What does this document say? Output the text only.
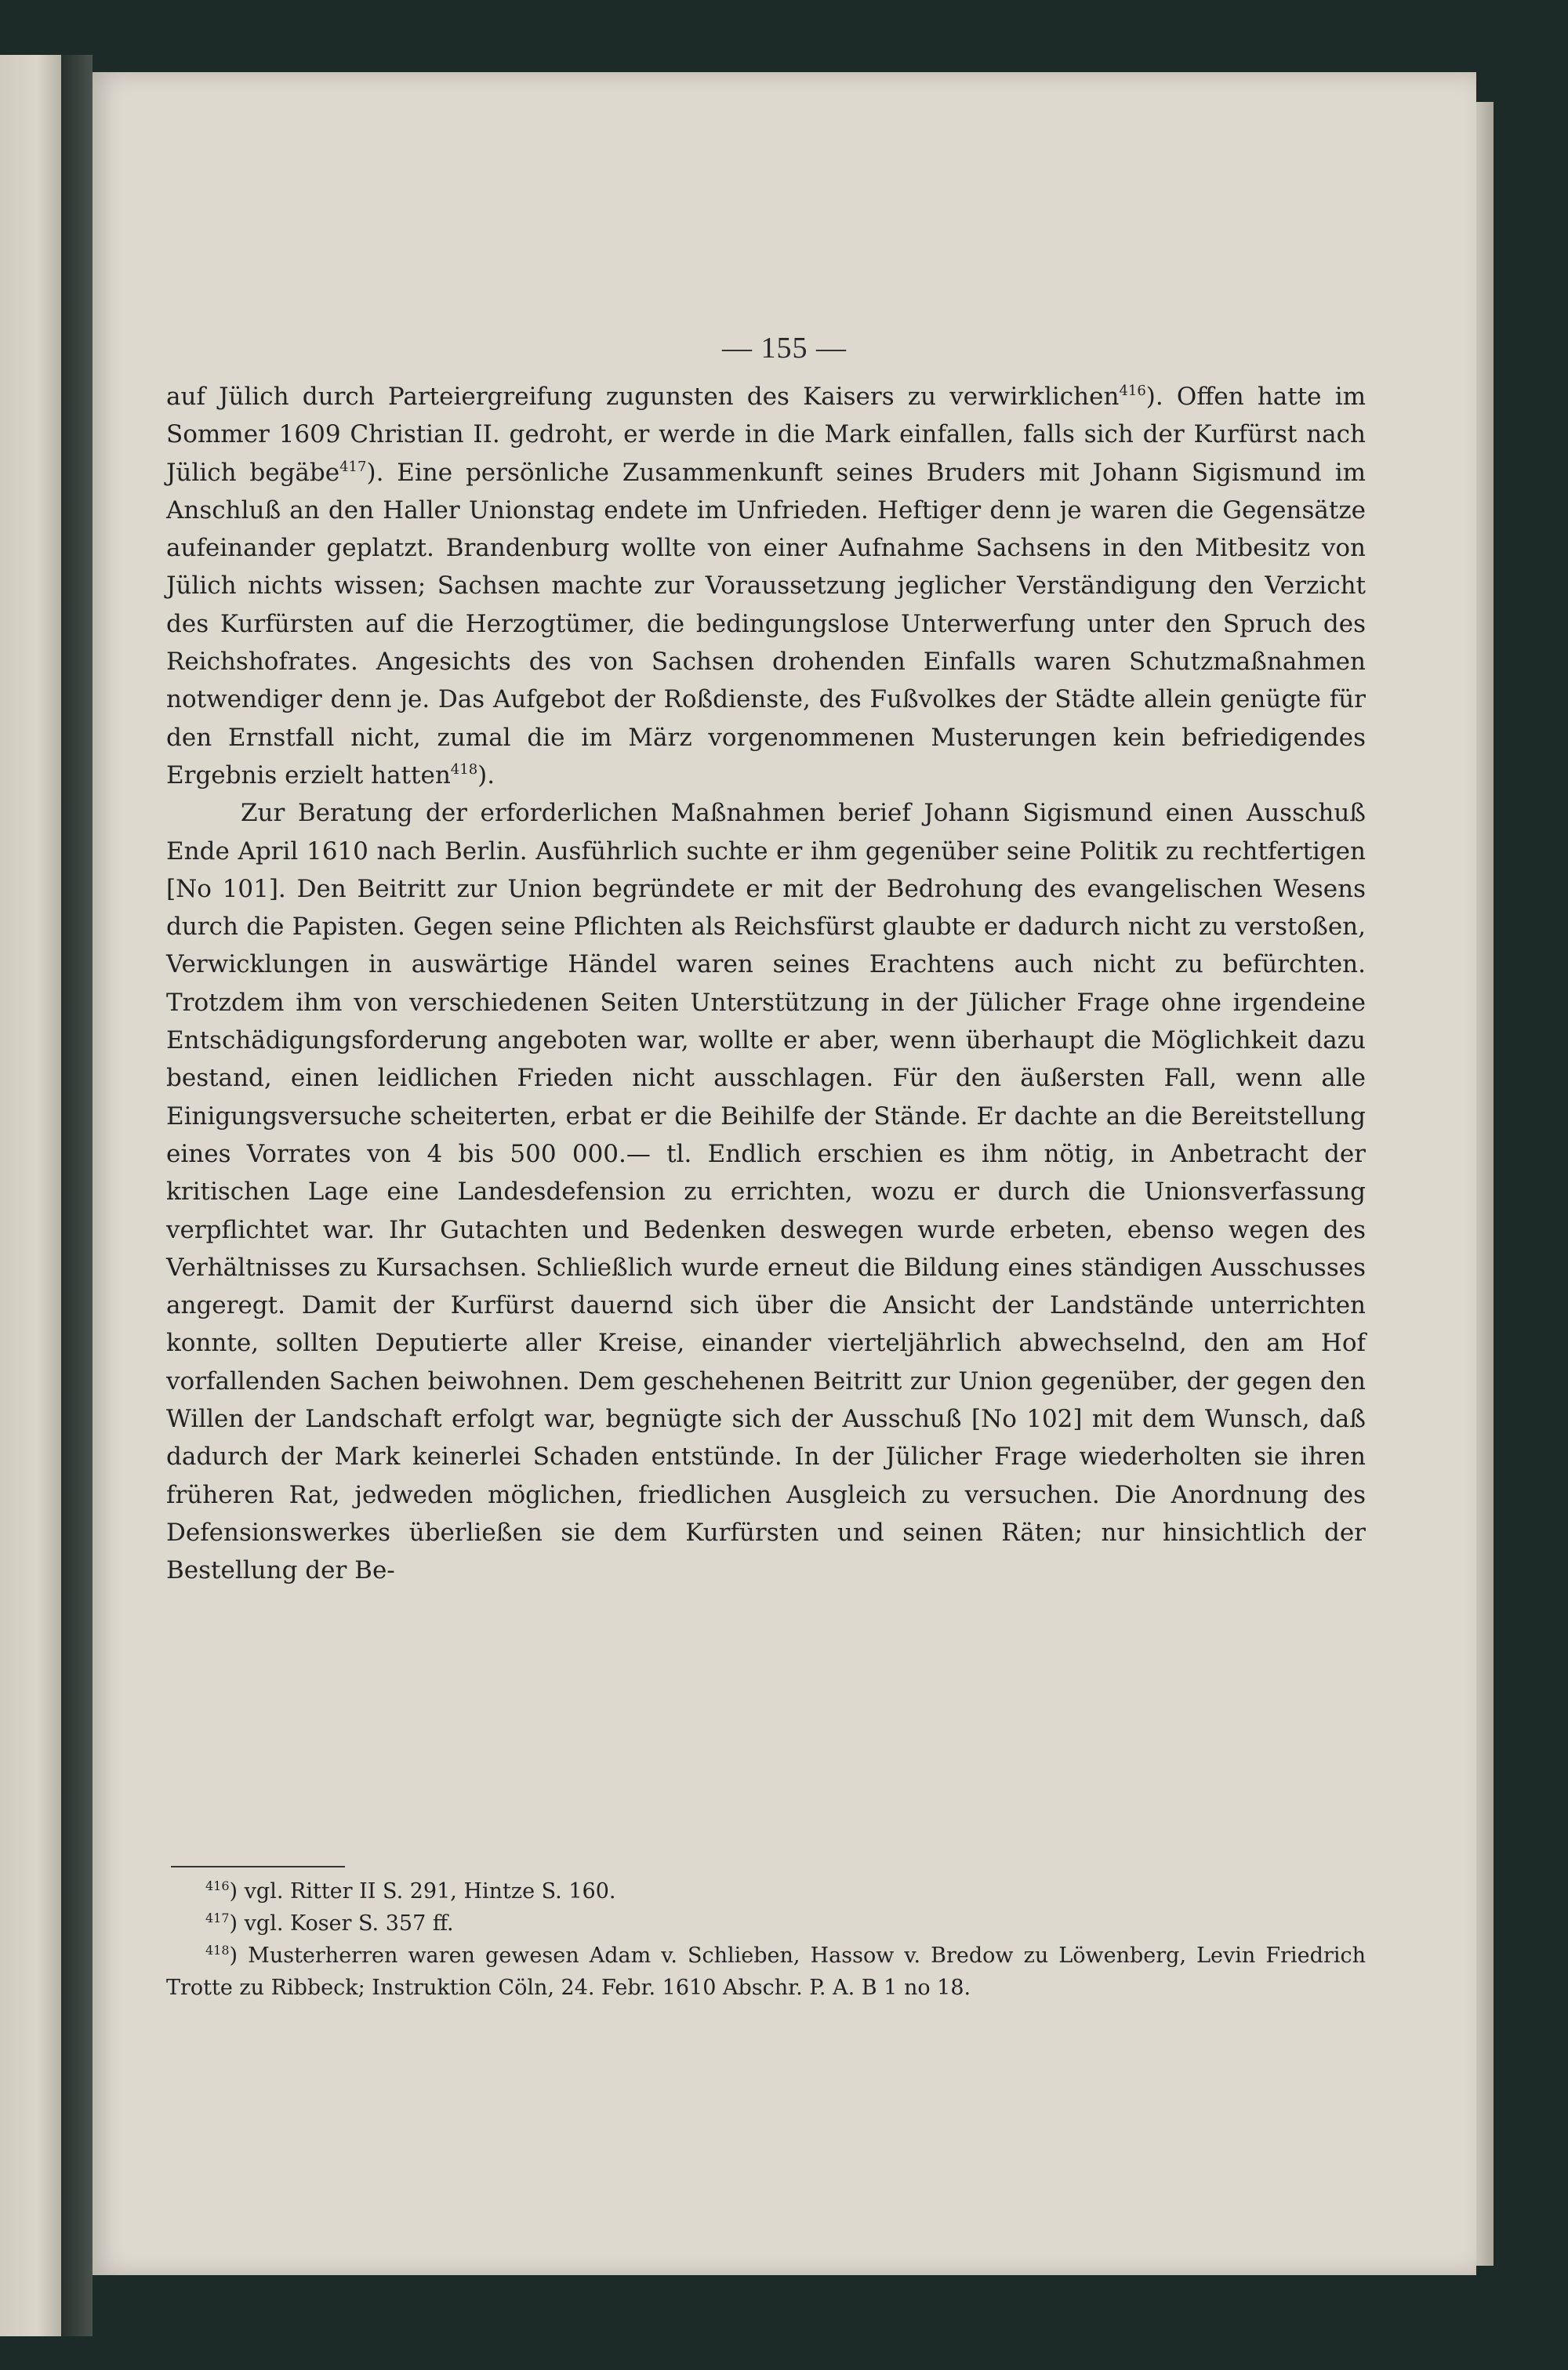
— 155 —

auf Jülich durch Parteiergreifung zugunsten des Kaisers zu verwirklichen$^{416}$). Offen hatte im Sommer 1609 Christian II. gedroht, er werde in die Mark einfallen, falls sich der Kurfürst nach Jülich begäbe$^{417}$). Eine persönliche Zusammenkunft seines Bruders mit Johann Sigismund im Anschluß an den Haller Unionstag endete im Unfrieden. Heftiger denn je waren die Gegensätze aufeinander geplatzt. Brandenburg wollte von einer Aufnahme Sachsens in den Mitbesitz von Jülich nichts wissen; Sachsen machte zur Voraussetzung jeglicher Verständigung den Verzicht des Kurfürsten auf die Herzogtümer, die bedingungslose Unterwerfung unter den Spruch des Reichshofrates. Angesichts des von Sachsen drohenden Einfalls waren Schutzmaßnahmen notwendiger denn je. Das Aufgebot der Roßdienste, des Fußvolkes der Städte allein genügte für den Ernstfall nicht, zumal die im März vorgenommenen Musterungen kein befriedigendes Ergebnis erzielt hatten$^{418}$).

Zur Beratung der erforderlichen Maßnahmen berief Johann Sigismund einen Ausschuß Ende April 1610 nach Berlin. Ausführlich suchte er ihm gegenüber seine Politik zu rechtfertigen [No 101]. Den Beitritt zur Union begründete er mit der Bedrohung des evangelischen Wesens durch die Papisten. Gegen seine Pflichten als Reichsfürst glaubte er dadurch nicht zu verstoßen, Verwicklungen in auswärtige Händel waren seines Erachtens auch nicht zu befürchten. Trotzdem ihm von verschiedenen Seiten Unterstützung in der Jülicher Frage ohne irgendeine Entschädigungsforderung angeboten war, wollte er aber, wenn überhaupt die Möglichkeit dazu bestand, einen leidlichen Frieden nicht ausschlagen. Für den äußersten Fall, wenn alle Einigungsversuche scheiterten, erbat er die Beihilfe der Stände. Er dachte an die Bereitstellung eines Vorrates von 4 bis 500 000.— tl. Endlich erschien es ihm nötig, in Anbetracht der kritischen Lage eine Landesdefension zu errichten, wozu er durch die Unionsverfassung verpflichtet war. Ihr Gutachten und Bedenken deswegen wurde erbeten, ebenso wegen des Verhältnisses zu Kursachsen. Schließlich wurde erneut die Bildung eines ständigen Ausschusses angeregt. Damit der Kurfürst dauernd sich über die Ansicht der Landstände unterrichten konnte, sollten Deputierte aller Kreise, einander vierteljährlich abwechselnd, den am Hof vorfallenden Sachen beiwohnen. Dem geschehenen Beitritt zur Union gegenüber, der gegen den Willen der Landschaft erfolgt war, begnügte sich der Ausschuß [No 102] mit dem Wunsch, daß dadurch der Mark keinerlei Schaden entstünde. In der Jülicher Frage wiederholten sie ihren früheren Rat, jedweden möglichen, friedlichen Ausgleich zu versuchen. Die Anordnung des Defensionswerkes überließen sie dem Kurfürsten und seinen Räten; nur hinsichtlich der Bestellung der Be-

$^{416}$) vgl. Ritter II S. 291, Hintze S. 160.

$^{417}$) vgl. Koser S. 357 ff.

$^{418}$) Musterherren waren gewesen Adam v. Schlieben, Hassow v. Bredow zu Löwenberg, Levin Friedrich Trotte zu Ribbeck; Instruktion Cöln, 24. Febr. 1610 Abschr. P. A. B 1 no 18.
